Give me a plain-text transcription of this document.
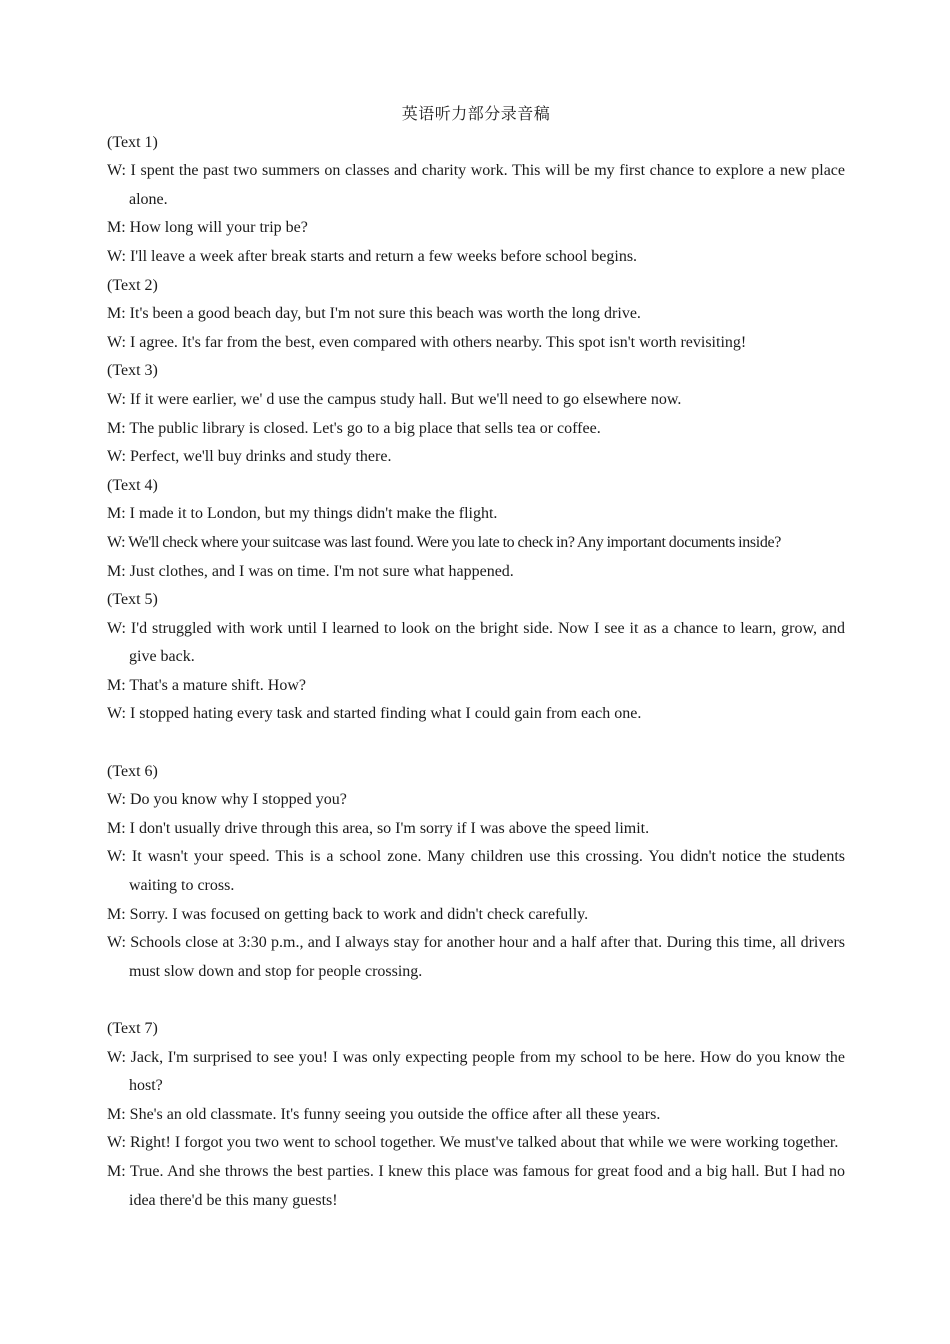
英语听力部分录音稿
(Text 1)
W: I spent the past two summers on classes and charity work. This will be my first chance to explore a new place alone.
M: How long will your trip be?
W: I'll leave a week after break starts and return a few weeks before school begins.
(Text 2)
M: It's been a good beach day, but I'm not sure this beach was worth the long drive.
W: I agree. It's far from the best, even compared with others nearby. This spot isn't worth revisiting!
(Text 3)
W: If it were earlier, we' d use the campus study hall. But we'll need to go elsewhere now.
M: The public library is closed. Let's go to a big place that sells tea or coffee.
W: Perfect, we'll buy drinks and study there.
(Text 4)
M: I made it to London, but my things didn't make the flight.
W: We'll check where your suitcase was last found. Were you late to check in? Any important documents inside?
M: Just clothes, and I was on time. I'm not sure what happened.
(Text 5)
W: I'd struggled with work until I learned to look on the bright side. Now I see it as a chance to learn, grow, and give back.
M: That's a mature shift. How?
W: I stopped hating every task and started finding what I could gain from each one.
(Text 6)
W: Do you know why I stopped you?
M: I don't usually drive through this area, so I'm sorry if I was above the speed limit.
W: It wasn't your speed. This is a school zone. Many children use this crossing. You didn't notice the students waiting to cross.
M: Sorry. I was focused on getting back to work and didn't check carefully.
W: Schools close at 3:30 p.m., and I always stay for another hour and a half after that. During this time, all drivers must slow down and stop for people crossing.
(Text 7)
W: Jack, I'm surprised to see you! I was only expecting people from my school to be here. How do you know the host?
M: She's an old classmate. It's funny seeing you outside the office after all these years.
W: Right! I forgot you two went to school together. We must've talked about that while we were working together.
M: True. And she throws the best parties. I knew this place was famous for great food and a big hall. But I had no idea there'd be this many guests!
